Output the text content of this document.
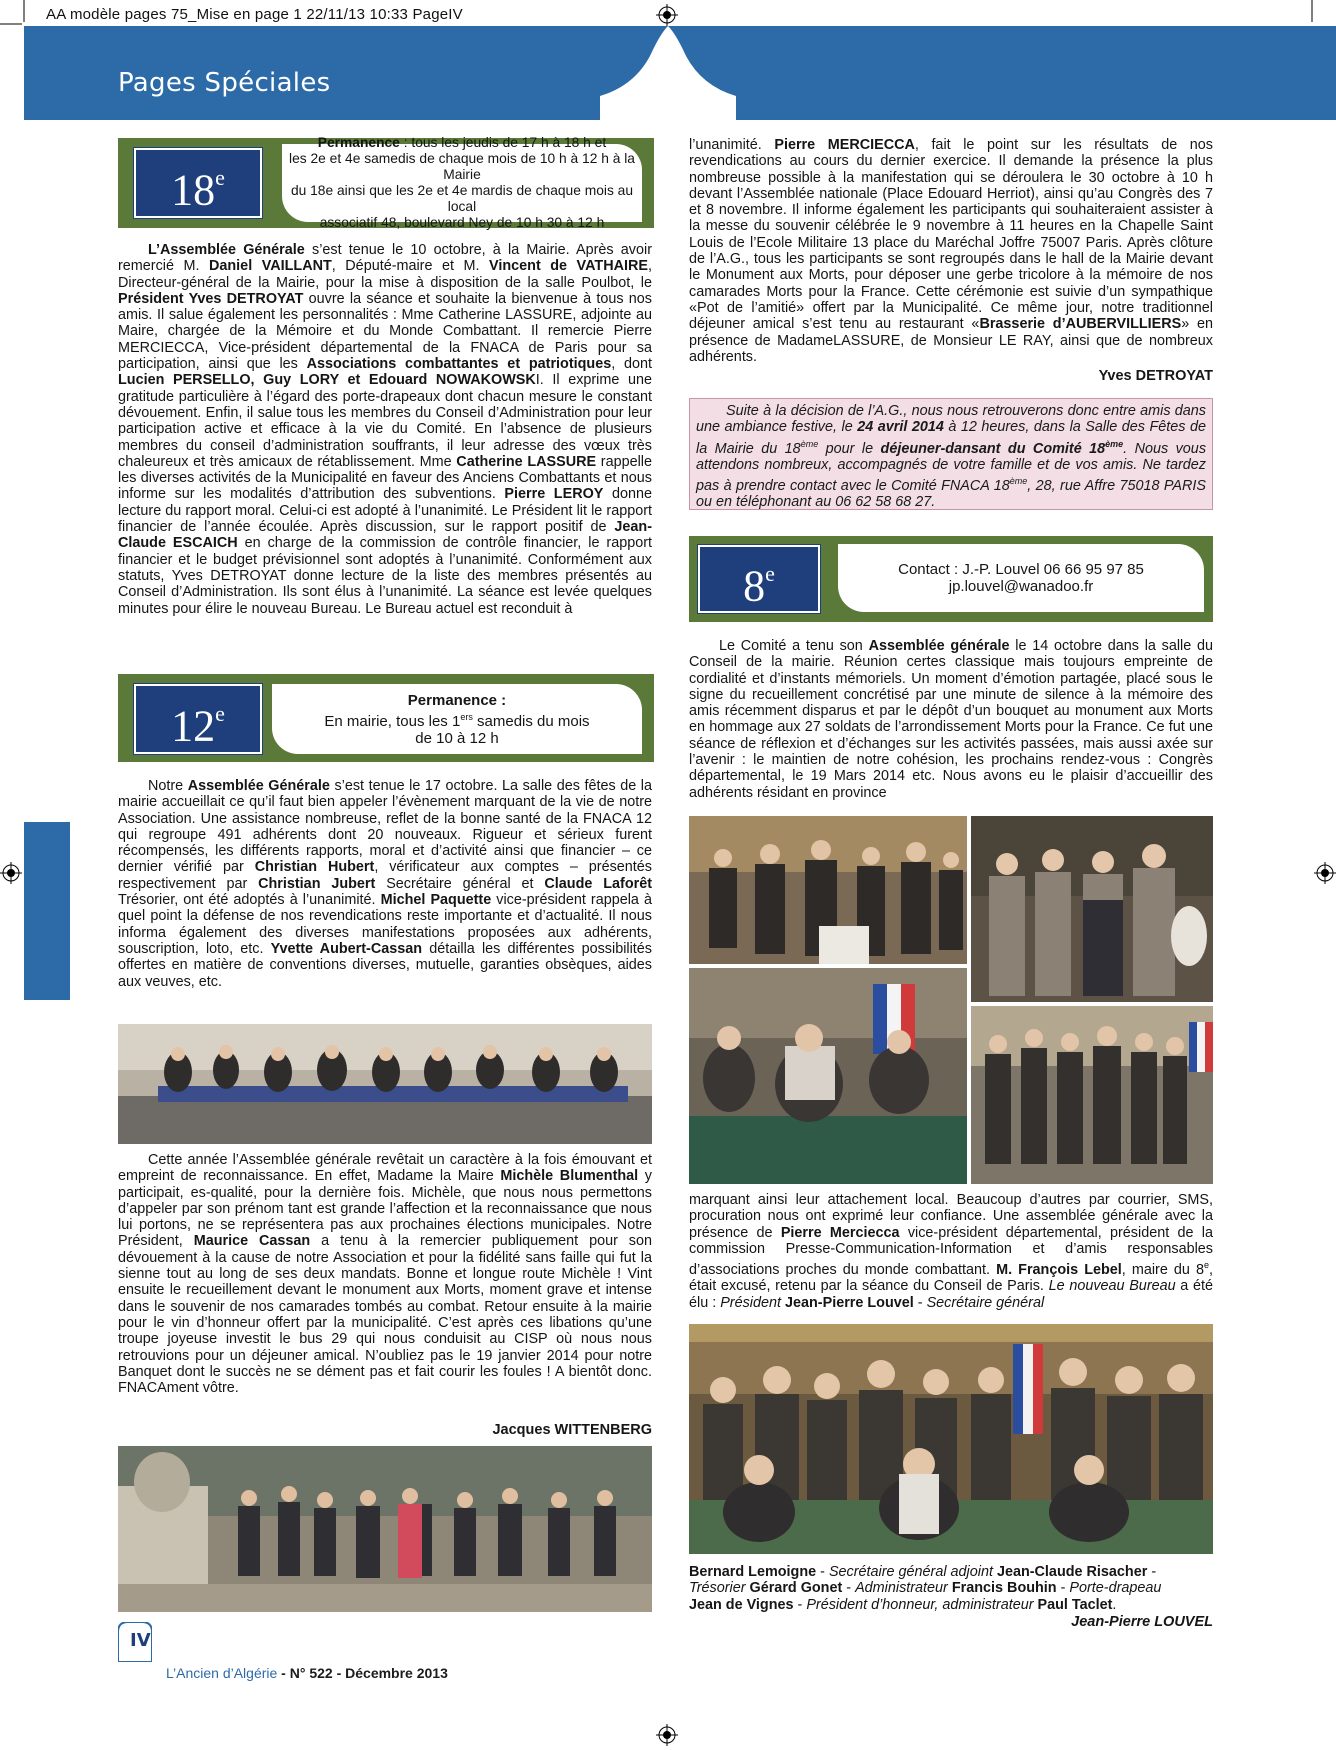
AA modèle pages 75_Mise en page 1 22/11/13 10:33 PageIV
Pages Spéciales
18e
Permanence : tous les jeudis de 17 h à 18 h et
les 2e et 4e samedis de chaque mois de 10 h à 12 h à la Mairie
du 18e ainsi que les 2e et 4e mardis de chaque mois au local
associatif 48, boulevard Ney de 10 h 30 à 12 h

L’Assemblée Générale s’est tenue le 10 octobre, à la Mairie. Après avoir remercié M. Daniel VAILLANT, Député-maire et M. Vincent de VATHAIRE, Directeur-général de la Mairie, pour la mise à disposition de la salle Poulbot, le Président Yves DETROYAT ouvre la séance et souhaite la bienvenue à tous nos amis. Il salue également les personnalités : Mme Catherine LASSURE, adjointe au Maire, chargée de la Mémoire et du Monde Combattant. Il remercie Pierre MERCIECCA, Vice-président départemental de la FNACA de Paris pour sa participation, ainsi que les Associations combattantes et patriotiques, dont Lucien PERSELLO, Guy LORY et Edouard NOWAKOWSKI. Il exprime une gratitude particulière à l’égard des porte-drapeaux dont chacun mesure le constant dévouement. Enfin, il salue tous les membres du Conseil d’Administration pour leur participation active et efficace à la vie du Comité. En l’absence de plusieurs membres du conseil d’administration souffrants, il leur adresse des vœux très chaleureux et très amicaux de rétablissement. Mme Catherine LASSURE rappelle les diverses activités de la Municipalité en faveur des Anciens Combattants et nous informe sur les modalités d’attribution des subventions. Pierre LEROY donne lecture du rapport moral. Celui-ci est adopté à l’unanimité. Le Président lit le rapport financier de l’année écoulée. Après discussion, sur le rapport positif de Jean-Claude ESCAICH en charge de la commission de contrôle financier, le rapport financier et le budget prévisionnel sont adoptés à l’unanimité. Conformément aux statuts, Yves DETROYAT donne lecture de la liste des membres présentés au Conseil d’Administration. Ils sont élus à l’unanimité. La séance est levée quelques minutes pour élire le nouveau Bureau. Le Bureau actuel est reconduit à

l’unanimité. Pierre MERCIECCA, fait le point sur les résultats de nos revendications au cours du dernier exercice. Il demande la présence la plus nombreuse possible à la manifestation qui se déroulera le 30 octobre à 10 h devant l’Assemblée nationale (Place Edouard Herriot), ainsi qu’au Congrès des 7 et 8 novembre. Il informe également les participants qui souhaiteraient assister à la messe du souvenir célébrée le 9 novembre à 11 heures en la Chapelle Saint Louis de l’Ecole Militaire 13 place du Maréchal Joffre 75007 Paris. Après clôture de l’A.G., tous les participants se sont regroupés dans le hall de la Mairie devant le Monument aux Morts, pour déposer une gerbe tricolore à la mémoire de nos camarades Morts pour la France. Cette cérémonie est suivie d’un sympathique «Pot de l’amitié» offert par la Municipalité. Ce même jour, notre traditionnel déjeuner amical s’est tenu au restaurant «Brasserie d’AUBERVILLIERS» en présence de MadameLASSURE, de Monsieur LE RAY, ainsi que de nombreux adhérents.

Yves DETROYAT

Suite à la décision de l’A.G., nous nous retrouverons donc entre amis dans une ambiance festive, le 24 avril 2014 à 12 heures, dans la Salle des Fêtes de la Mairie du 18ème pour le déjeuner-dansant du Comité 18ème. Nous vous attendons nombreux, accompagnés de votre famille et de vos amis. Ne tardez pas à prendre contact avec le Comité FNACA 18ème, 28, rue Affre 75018 PARIS ou en téléphonant au 06 62 58 68 27.

12e
Permanence :
En mairie, tous les 1ers samedis du mois
de 10 à 12 h

Notre Assemblée Générale s’est tenue le 17 octobre. La salle des fêtes de la mairie accueillait ce qu’il faut bien appeler l’évènement marquant de la vie de notre Association. Une assistance nombreuse, reflet de la bonne santé de la FNACA 12 qui regroupe 491 adhérents dont 20 nouveaux. Rigueur et sérieux furent récompensés, les différents rapports, moral et d’activité ainsi que financier – ce dernier vérifié par Christian Hubert, vérificateur aux comptes – présentés respectivement par Christian Jubert Secrétaire général et Claude Laforêt Trésorier, ont été adoptés à l’unanimité. Michel Paquette vice-président rappela à quel point la défense de nos revendications reste importante et d’actualité. Il nous informa également des diverses manifestations proposées aux adhérents, souscription, loto, etc. Yvette Aubert-Cassan détailla les différentes possibilités offertes en matière de conventions diverses, mutuelle, garanties obsèques, aides aux veuves, etc.

Cette année l’Assemblée générale revêtait un caractère à la fois émouvant et empreint de reconnaissance. En effet, Madame la Maire Michèle Blumenthal y participait, es-qualité, pour la dernière fois. Michèle, que nous nous permettons d’appeler par son prénom tant est grande l’affection et la reconnaissance que nous lui portons, ne se représentera pas aux prochaines élections municipales. Notre Président, Maurice Cassan a tenu à la remercier publiquement pour son dévouement à la cause de notre Association et pour la fidélité sans faille qui fut la sienne tout au long de ses deux mandats. Bonne et longue route Michèle ! Vint ensuite le recueillement devant le monument aux Morts, moment grave et intense dans le souvenir de nos camarades tombés au combat. Retour ensuite à la mairie pour le vin d’honneur offert par la municipalité. C’est après ces libations qu’une troupe joyeuse investit le bus 29 qui nous conduisit au CISP où nous nous retrouvions pour un déjeuner amical. N’oubliez pas le 19 janvier 2014 pour notre Banquet dont le succès ne se dément pas et fait courir les foules ! A bientôt donc. FNACAment vôtre.

Jacques WITTENBERG
8e	Contact : J.-P. Louvel 06 66 95 97 85
jp.louvel@wanadoo.fr

Le Comité a tenu son Assemblée générale le 14 octobre dans la salle du Conseil de la mairie. Réunion certes classique mais toujours empreinte de cordialité et d’instants mémoriels. Un moment d’émotion partagée, placé sous le signe du recueillement concrétisé par une minute de silence à la mémoire des amis récemment disparus et par le dépôt d’un bouquet au monument aux Morts en hommage aux 27 soldats de l’arrondissement Morts pour la France. Ce fut une séance de réflexion et d’échanges sur les activités passées, mais aussi axée sur l’avenir : le maintien de notre cohésion, les prochains rendez-vous : Congrès départemental, le 19 Mars 2014 etc. Nous avons eu le plaisir d’accueillir des adhérents résidant en province

marquant ainsi leur attachement local. Beaucoup d’autres par courrier, SMS, procuration nous ont exprimé leur confiance. Une assemblée générale avec la présence de Pierre Merciecca vice-président départemental, président de la commission Presse-Communication-Information et d’amis responsables d’associations proches du monde combattant. M. François Lebel, maire du 8e, était excusé, retenu par la séance du Conseil de Paris. Le nouveau Bureau a été élu : Président Jean-Pierre Louvel - Secrétaire général

Bernard Lemoigne - Secrétaire général adjoint Jean-Claude Risacher -
Trésorier Gérard Gonet - Administrateur Francis Bouhin - Porte-drapeau
Jean de Vignes - Président d’honneur, administrateur Paul Taclet.
Jean-Pierre LOUVEL
IV
L’Ancien d’Algérie - N° 522 - Décembre 2013
